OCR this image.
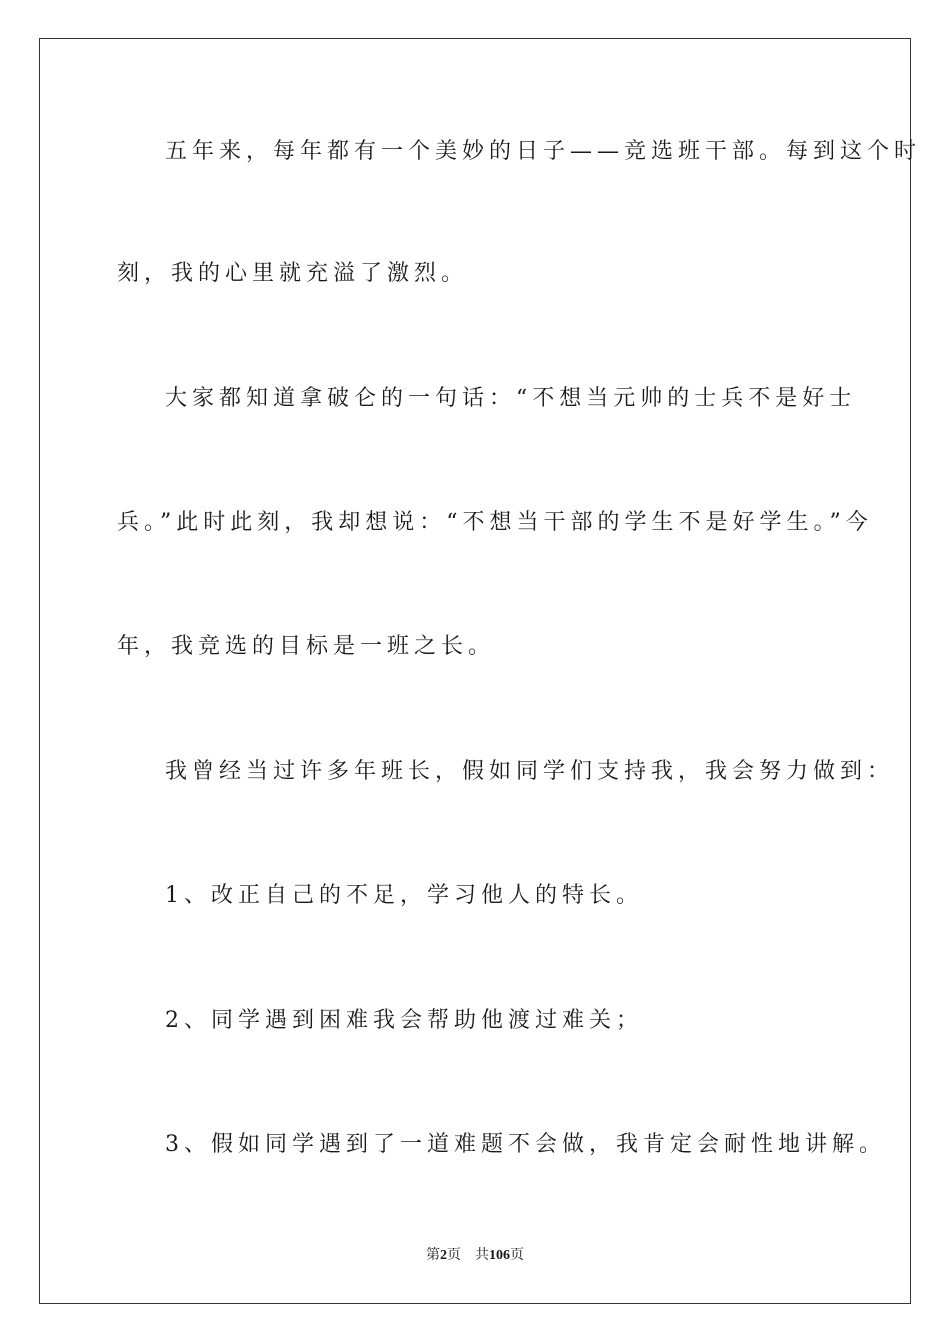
五年来，每年都有一个美妙的日子——竞选班干部。每到这个时
刻，我的心里就充溢了激烈。
大家都知道拿破仑的一句话：“不想当元帅的士兵不是好士
兵。”此时此刻，我却想说：“不想当干部的学生不是好学生。”今
年，我竞选的目标是一班之长。
我曾经当过许多年班长，假如同学们支持我，我会努力做到：
1、改正自己的不足，学习他人的特长。
2、同学遇到困难我会帮助他渡过难关；
3、假如同学遇到了一道难题不会做，我肯定会耐性地讲解。
第2页 共106页
